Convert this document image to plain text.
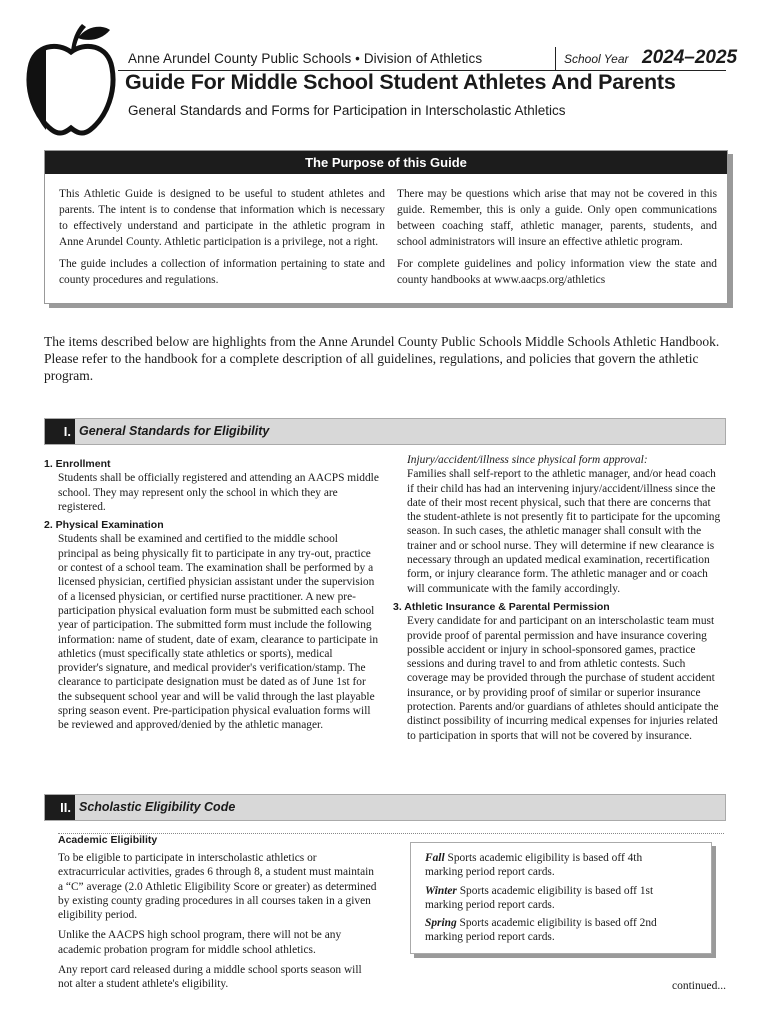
Anne Arundel County Public Schools • Division of Athletics	School Year 2024–2025
Guide For Middle School Student Athletes And Parents
General Standards and Forms for Participation in Interscholastic Athletics
The Purpose of this Guide

This Athletic Guide is designed to be useful to student athletes and parents. The intent is to condense that information which is necessary to effectively understand and participate in the athletic program in Anne Arundel County. Athletic participation is a privilege, not a right.

The guide includes a collection of information pertaining to state and county procedures and regulations.

There may be questions which arise that may not be covered in this guide. Remember, this is only a guide. Only open communications between coaching staff, athletic manager, parents, students, and school administrators will insure an effective athletic program.

For complete guidelines and policy information view the state and county handbooks at www.aacps.org/athletics

The items described below are highlights from the Anne Arundel County Public Schools Middle Schools Athletic Handbook. Please refer to the handbook for a complete description of all guidelines, regulations, and policies that govern the athletic program.

I. General Standards for Eligibility

1. Enrollment

Students shall be officially registered and attending an AACPS middle school. They may represent only the school in which they are registered.

2. Physical Examination

Students shall be examined and certified to the middle school principal as being physically fit to participate in any try-out, practice or contest of a school team. The examination shall be performed by a licensed physician, certified physician assistant under the supervision of a licensed physician, or certified nurse practitioner. A new pre-participation physical evaluation form must be submitted each school year of participation. The submitted form must include the following information: name of student, date of exam, clearance to participate in athletics (must specifically state athletics or sports), medical provider's signature, and medical provider's verification/stamp. The clearance to participate designation must be dated as of June 1st for the subsequent school year and will be valid through the last playable spring season event. Pre-participation physical evaluation forms will be reviewed and approved/denied by the athletic manager.

Injury/accident/illness since physical form approval:

Families shall self-report to the athletic manager, and/or head coach if their child has had an intervening injury/accident/illness since the date of their most recent physical, such that there are concerns that the student-athlete is not presently fit to participate for the upcoming season. In such cases, the athletic manager shall consult with the trainer and or school nurse. They will determine if new clearance is necessary through an updated medical examination, recertification form, or injury clearance form. The athletic manager and or coach will communicate with the family accordingly.

3. Athletic Insurance & Parental Permission

Every candidate for and participant on an interscholastic team must provide proof of parental permission and have insurance covering possible accident or injury in school-sponsored games, practice sessions and during travel to and from athletic contests. Such coverage may be provided through the purchase of student accident insurance, or by providing proof of similar or superior insurance protection. Parents and/or guardians of athletes should anticipate the distinct possibility of incurring medical expenses for injuries related to participation in sports that will not be covered by insurance.

II. Scholastic Eligibility Code
Academic Eligibility

To be eligible to participate in interscholastic athletics or extracurricular activities, grades 6 through 8, a student must maintain a “C” average (2.0 Athletic Eligibility Score or greater) as determined by existing county grading procedures in all courses taken in a given eligibility period.

Unlike the AACPS high school program, there will not be any academic probation program for middle school athletics.

Any report card released during a middle school sports season will not alter a student athlete's eligibility.

Fall Sports academic eligibility is based off 4th marking period report cards.

Winter Sports academic eligibility is based off 1st marking period report cards.

Spring Sports academic eligibility is based off 2nd marking period report cards.

continued...
